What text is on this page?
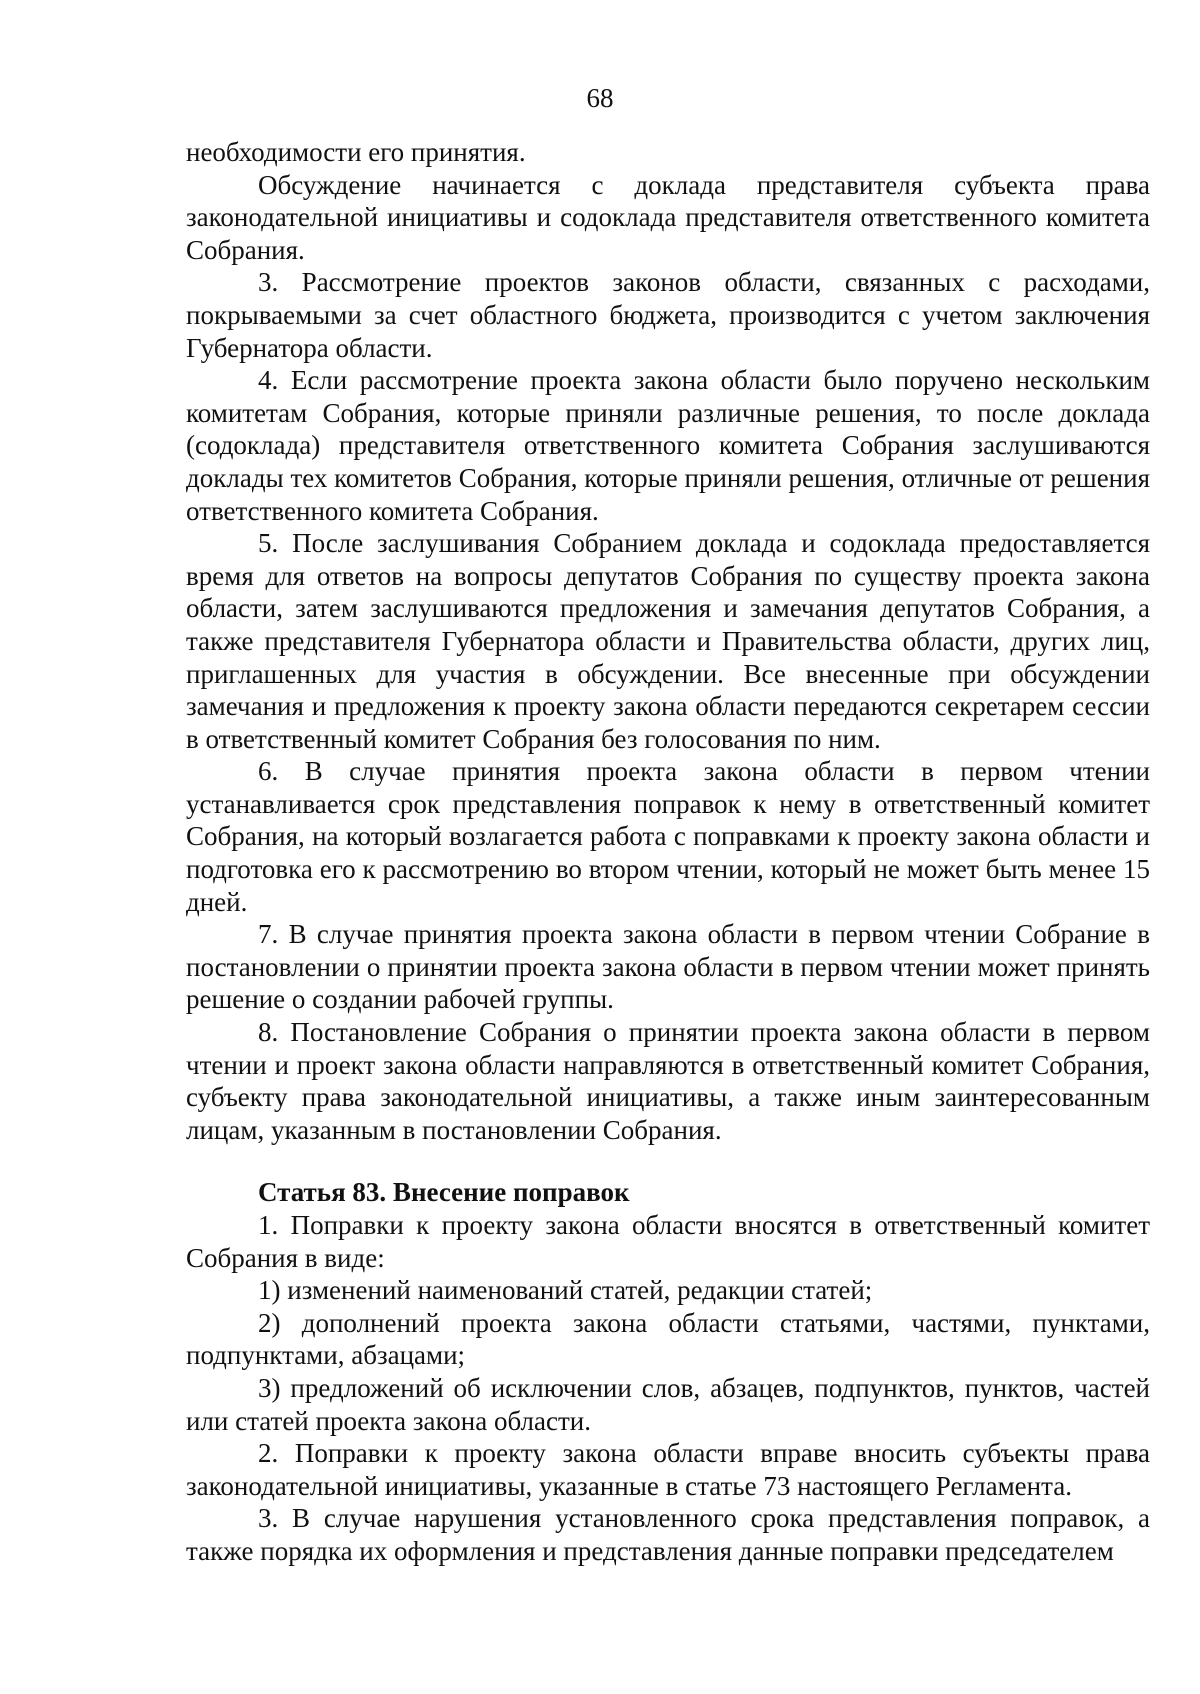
68

необходимости его принятия.

Обсуждение начинается с доклада представителя субъекта права законодательной инициативы и содоклада представителя ответственного комитета Собрания.

3. Рассмотрение проектов законов области, связанных с расходами, покрываемыми за счет областного бюджета, производится с учетом заключения Губернатора области.

4. Если рассмотрение проекта закона области было поручено нескольким комитетам Собрания, которые приняли различные решения, то после доклада (содоклада) представителя ответственного комитета Собрания заслушиваются доклады тех комитетов Собрания, которые приняли решения, отличные от решения ответственного комитета Собрания.

5. После заслушивания Собранием доклада и содоклада предоставляется время для ответов на вопросы депутатов Собрания по существу проекта закона области, затем заслушиваются предложения и замечания депутатов Собрания, а также представителя Губернатора области и Правительства области, других лиц, приглашенных для участия в обсуждении. Все внесенные при обсуждении замечания и предложения к проекту закона области передаются секретарем сессии в ответственный комитет Собрания без голосования по ним.

6. В случае принятия проекта закона области в первом чтении устанавливается срок представления поправок к нему в ответственный комитет Собрания, на который возлагается работа с поправками к проекту закона области и подготовка его к рассмотрению во втором чтении, который не может быть менее 15 дней.

7. В случае принятия проекта закона области в первом чтении Собрание в постановлении о принятии проекта закона области в первом чтении может принять решение о создании рабочей группы.

8. Постановление Собрания о принятии проекта закона области в первом чтении и проект закона области направляются в ответственный комитет Собрания, субъекту права законодательной инициативы, а также иным заинтересованным лицам, указанным в постановлении Собрания.

Статья 83. Внесение поправок

1. Поправки к проекту закона области вносятся в ответственный комитет Собрания в виде:

1) изменений наименований статей, редакции статей;

2) дополнений проекта закона области статьями, частями, пунктами, подпунктами, абзацами;

3) предложений об исключении слов, абзацев, подпунктов, пунктов, частей или статей проекта закона области.

2. Поправки к проекту закона области вправе вносить субъекты права законодательной инициативы, указанные в статье 73 настоящего Регламента.

3. В случае нарушения установленного срока представления поправок, а также порядка их оформления и представления данные поправки председателем
